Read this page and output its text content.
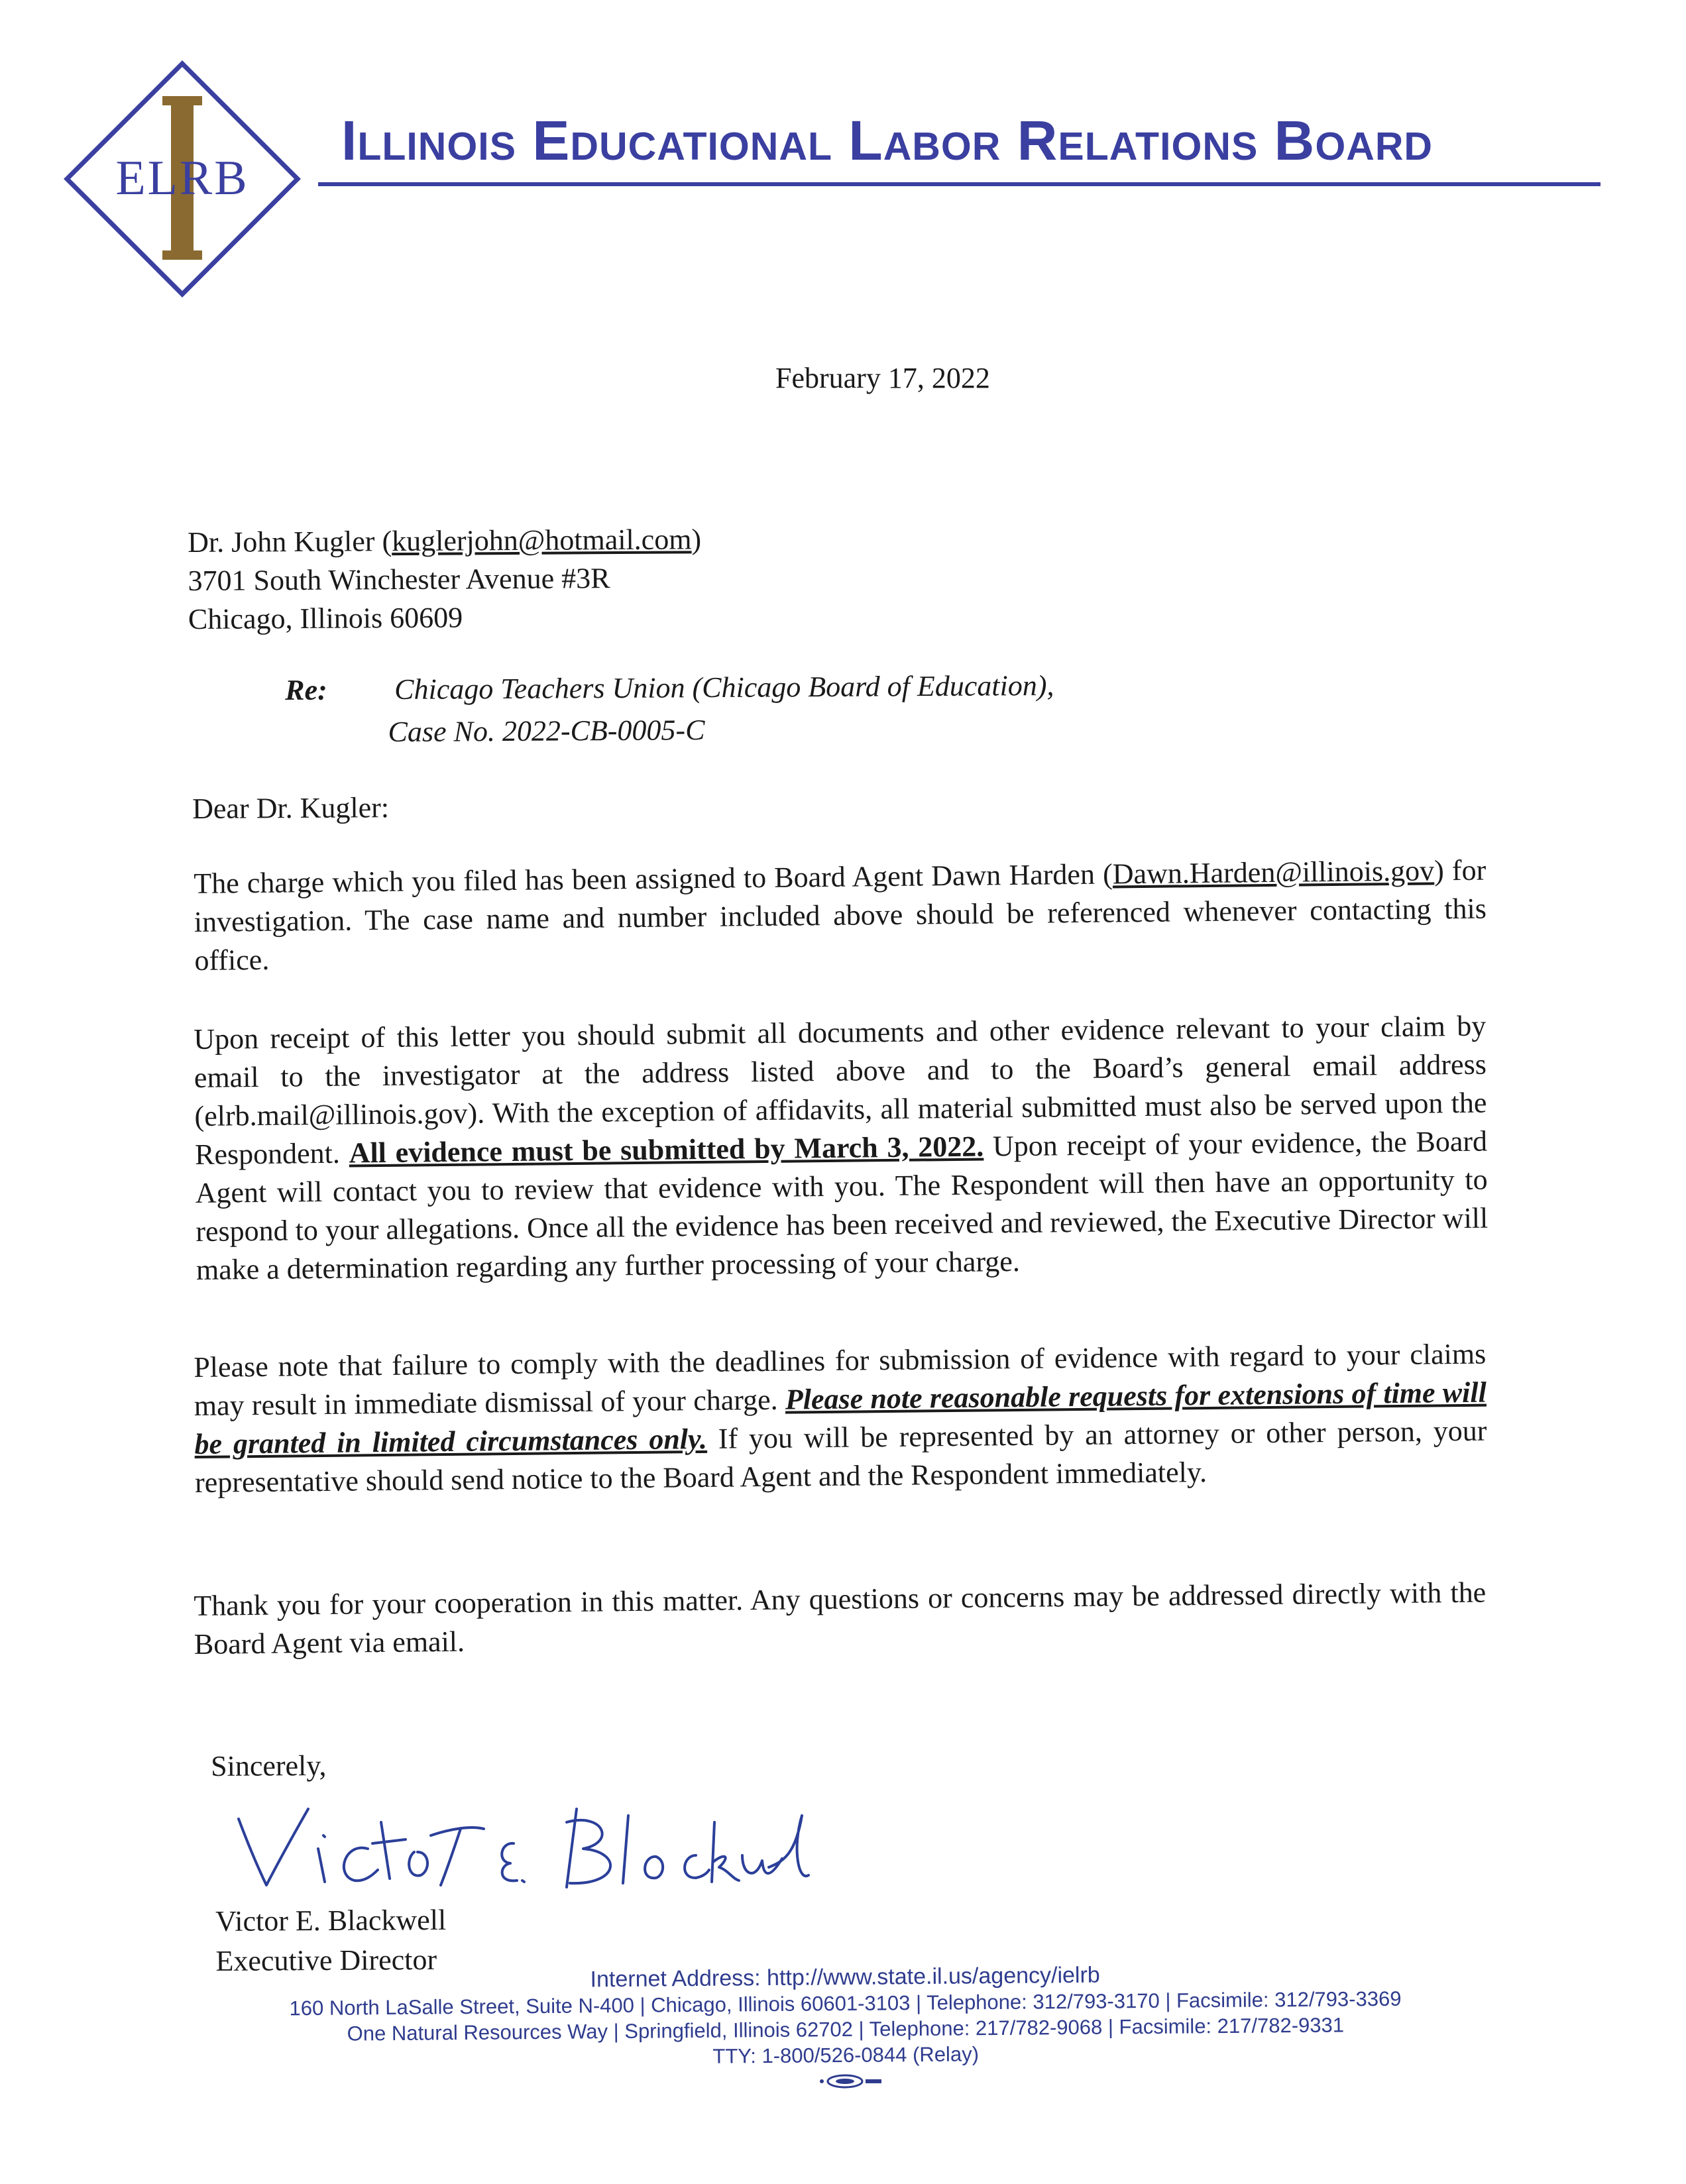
ELRB
Illinois Educational Labor Relations Board
February 17, 2022
Dr. John Kugler (kuglerjohn@hotmail.com)
3701 South Winchester Avenue #3R
Chicago, Illinois 60609
Re: Chicago Teachers Union (Chicago Board of Education),
Case No. 2022-CB-0005-C
Dear Dr. Kugler:
The charge which you filed has been assigned to Board Agent Dawn Harden (Dawn.Harden@illinois.gov) for investigation. The case name and number included above should be referenced whenever contacting this office.
Upon receipt of this letter you should submit all documents and other evidence relevant to your claim by email to the investigator at the address listed above and to the Board’s general email address (elrb.mail@illinois.gov). With the exception of affidavits, all material submitted must also be served upon the Respondent. All evidence must be submitted by March 3, 2022. Upon receipt of your evidence, the Board Agent will contact you to review that evidence with you. The Respondent will then have an opportunity to respond to your allegations. Once all the evidence has been received and reviewed, the Executive Director will make a determination regarding any further processing of your charge.
Please note that failure to comply with the deadlines for submission of evidence with regard to your claims may result in immediate dismissal of your charge. Please note reasonable requests for extensions of time will be granted in limited circumstances only. If you will be represented by an attorney or other person, your representative should send notice to the Board Agent and the Respondent immediately.
Thank you for your cooperation in this matter. Any questions or concerns may be addressed directly with the Board Agent via email.
Sincerely,
Victor E. Blackwell
Executive Director
Internet Address: http://www.state.il.us/agency/ielrb
160 North LaSalle Street, Suite N-400 | Chicago, Illinois 60601-3103 | Telephone: 312/793-3170 | Facsimile: 312/793-3369
One Natural Resources Way | Springfield, Illinois 62702 | Telephone: 217/782-9068 | Facsimile: 217/782-9331
TTY: 1-800/526-0844 (Relay)
